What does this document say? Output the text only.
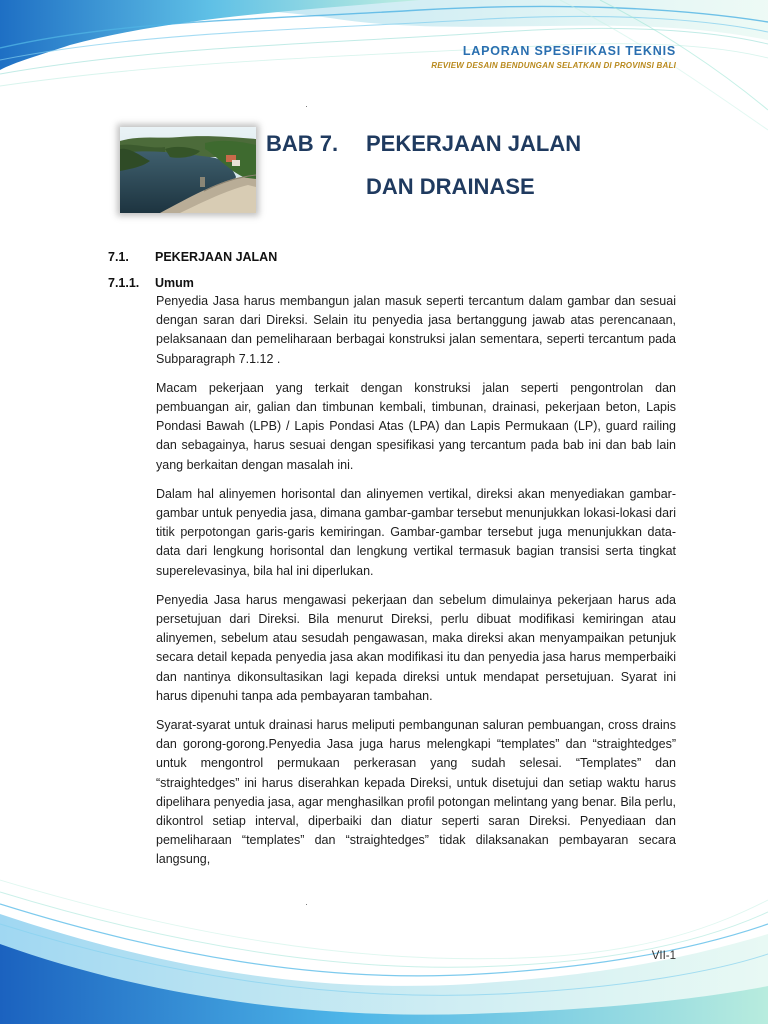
LAPORAN SPESIFIKASI TEKNIS
REVIEW DESAIN BENDUNGAN SELATKAN DI PROVINSI BALI
·
BAB 7. PEKERJAAN JALAN
DAN DRAINASE
7.1. PEKERJAAN JALAN
7.1.1. Umum

Penyedia Jasa harus membangun jalan masuk seperti tercantum dalam gambar dan sesuai dengan saran dari Direksi. Selain itu penyedia jasa bertanggung jawab atas perencanaan, pelaksanaan dan pemeliharaan berbagai konstruksi jalan sementara, seperti tercantum pada Subparagraph 7.1.12 .

Macam pekerjaan yang terkait dengan konstruksi jalan seperti pengontrolan dan pembuangan air, galian dan timbunan kembali, timbunan, drainasi, pekerjaan beton, Lapis Pondasi Bawah (LPB) / Lapis Pondasi Atas (LPA) dan Lapis Permukaan (LP), guard railing dan sebagainya, harus sesuai dengan spesifikasi yang tercantum pada bab ini dan bab lain yang berkaitan dengan masalah ini.

Dalam hal alinyemen horisontal dan alinyemen vertikal, direksi akan menyediakan gambar-gambar untuk penyedia jasa, dimana gambar-gambar tersebut menunjukkan lokasi-lokasi dari titik perpotongan garis-garis kemiringan. Gambar-gambar tersebut juga menunjukkan data-data dari lengkung horisontal dan lengkung vertikal termasuk bagian transisi serta tingkat superelevasinya, bila hal ini diperlukan.

Penyedia Jasa harus mengawasi pekerjaan dan sebelum dimulainya pekerjaan harus ada persetujuan dari Direksi. Bila menurut Direksi, perlu dibuat modifikasi kemiringan atau alinyemen, sebelum atau sesudah pengawasan, maka direksi akan menyampaikan petunjuk secara detail kepada penyedia jasa akan modifikasi itu dan penyedia jasa harus memperbaiki dan nantinya dikonsultasikan lagi kepada direksi untuk mendapat persetujuan. Syarat ini harus dipenuhi tanpa ada pembayaran tambahan.

Syarat-syarat untuk drainasi harus meliputi pembangunan saluran pembuangan, cross drains dan gorong-gorong.Penyedia Jasa juga harus melengkapi “templates” dan “straightedges” untuk mengontrol permukaan perkerasan yang sudah selesai. “Templates” dan “straightedges” ini harus diserahkan kepada Direksi, untuk disetujui dan setiap waktu harus dipelihara penyedia jasa, agar menghasilkan profil potongan melintang yang benar. Bila perlu, dikontrol setiap interval, diperbaiki dan diatur seperti saran Direksi. Penyediaan dan pemeliharaan “templates” dan “straightedges” tidak dilaksanakan pembayaran secara langsung,

·
VII-1
